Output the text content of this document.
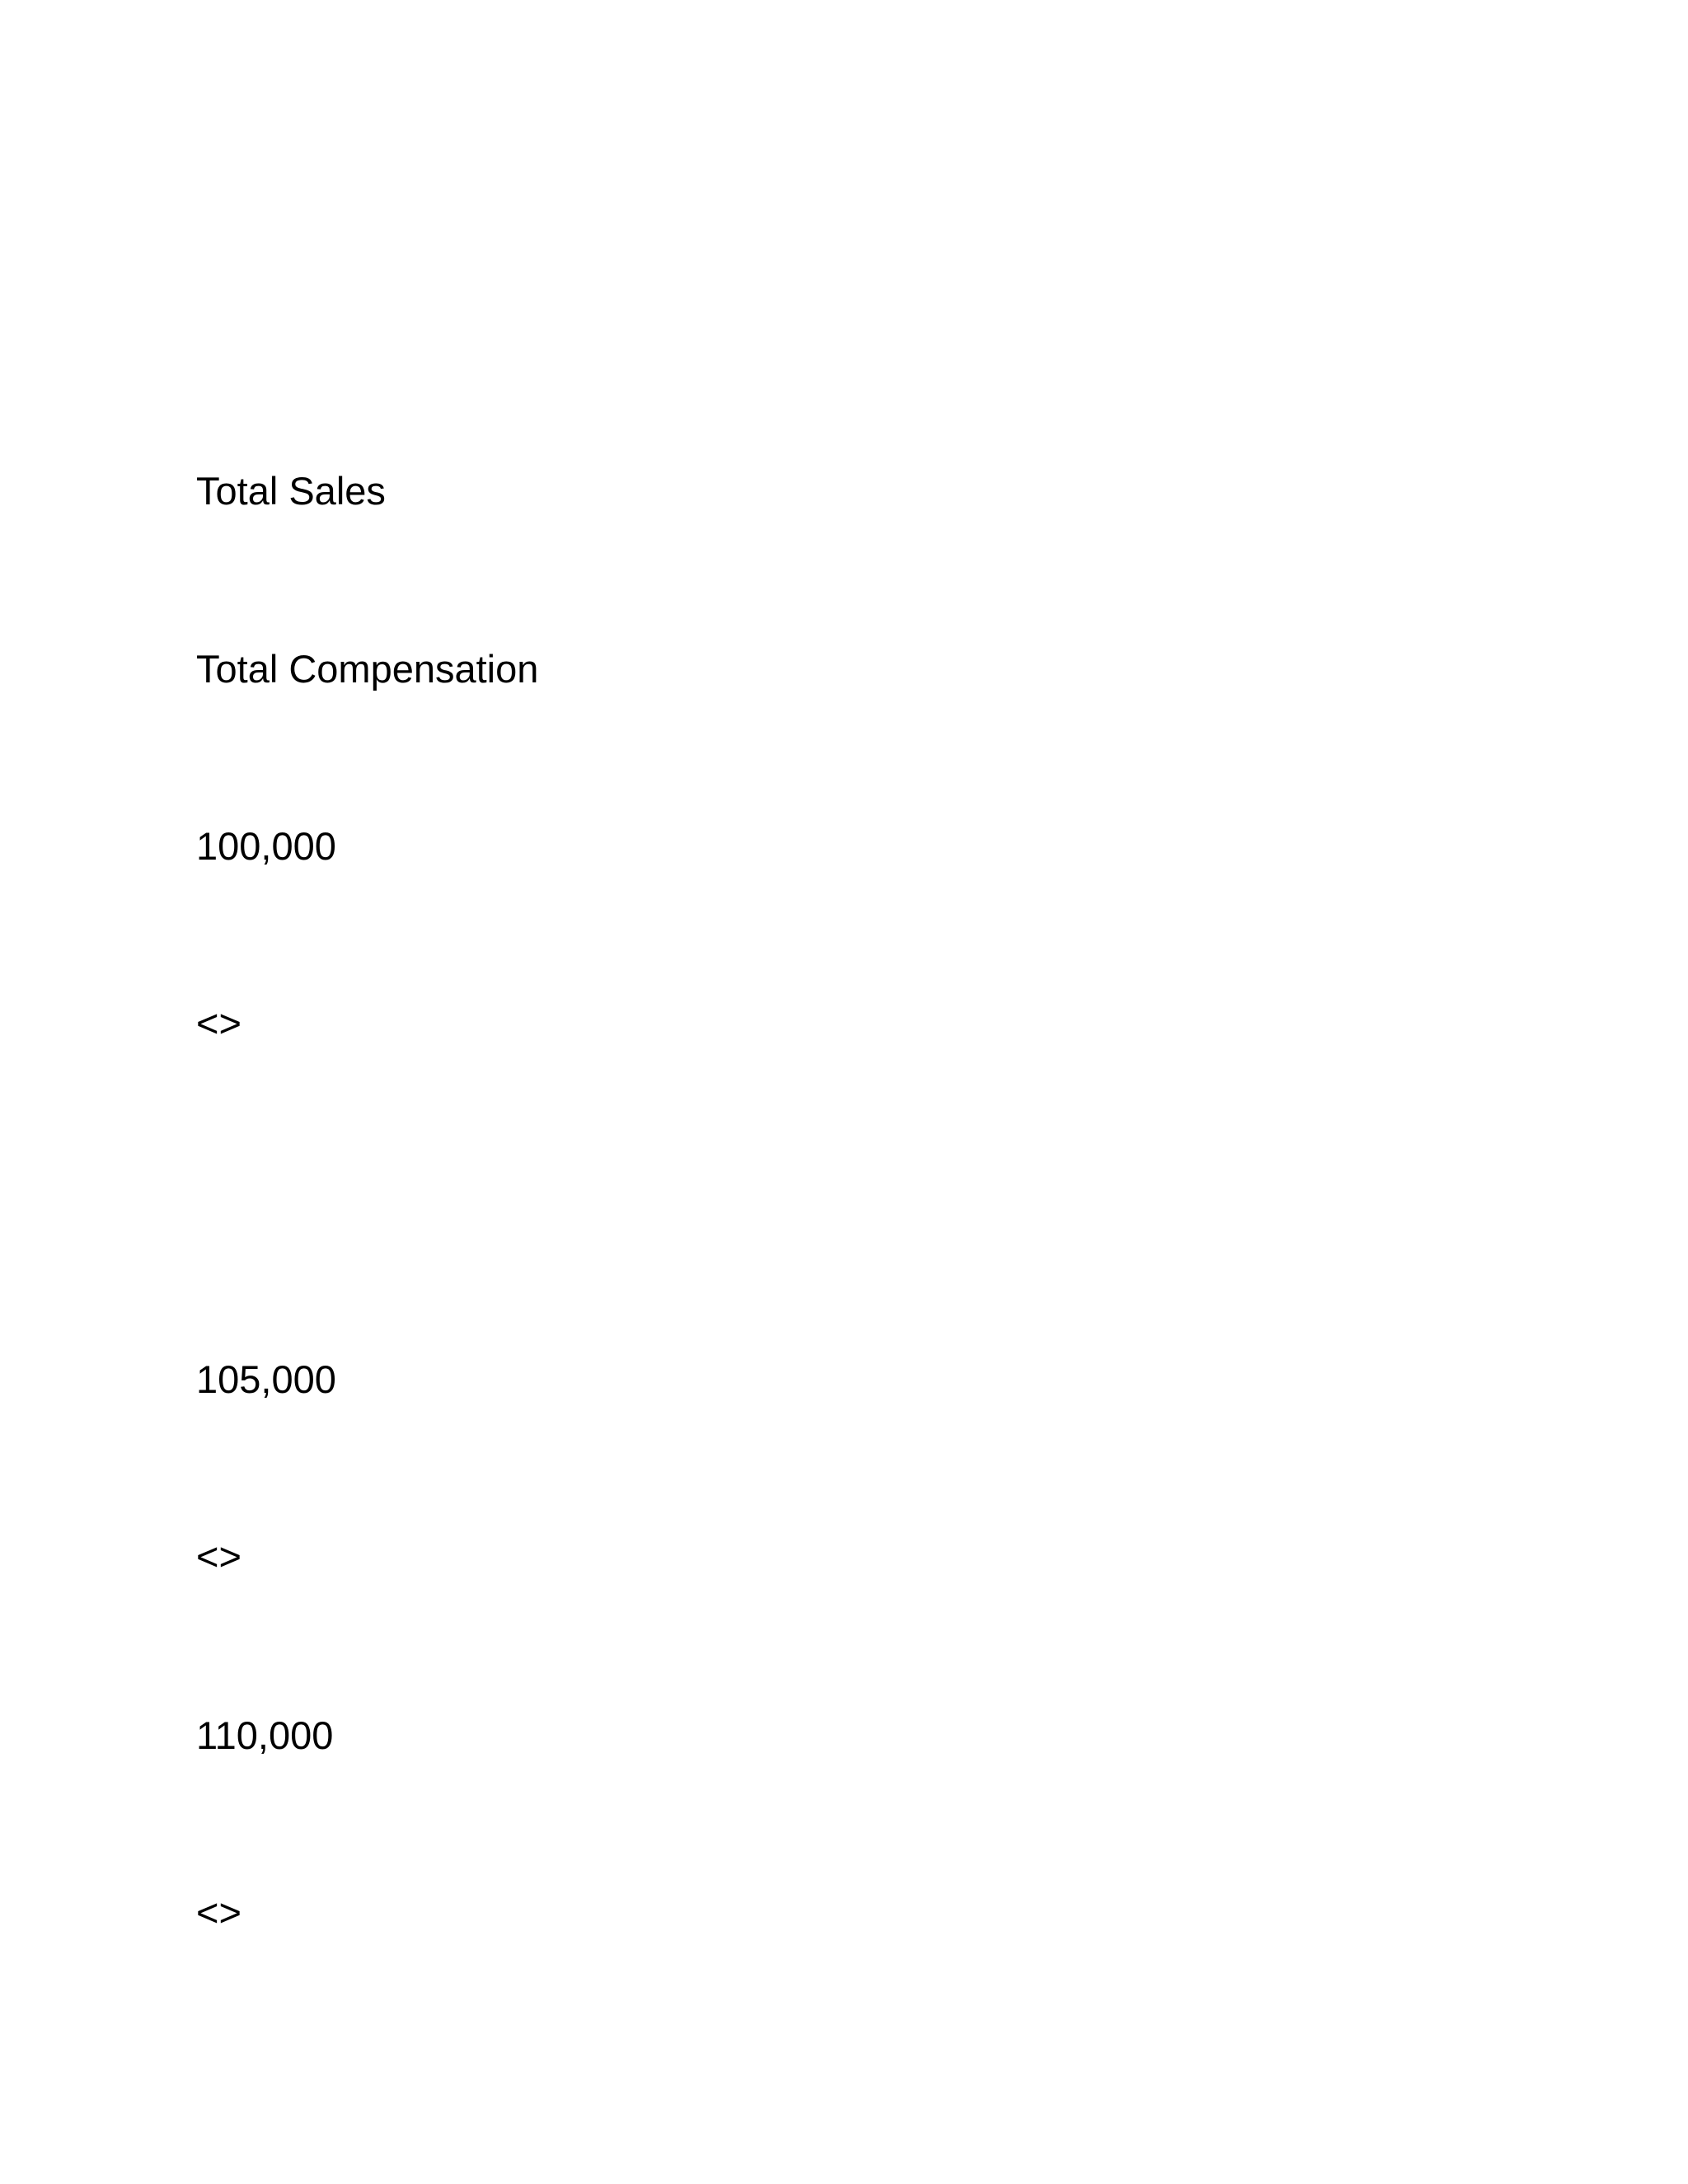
Total Sales
Total Compensation
100,000
<>
105,000
<>
110,000
<>
